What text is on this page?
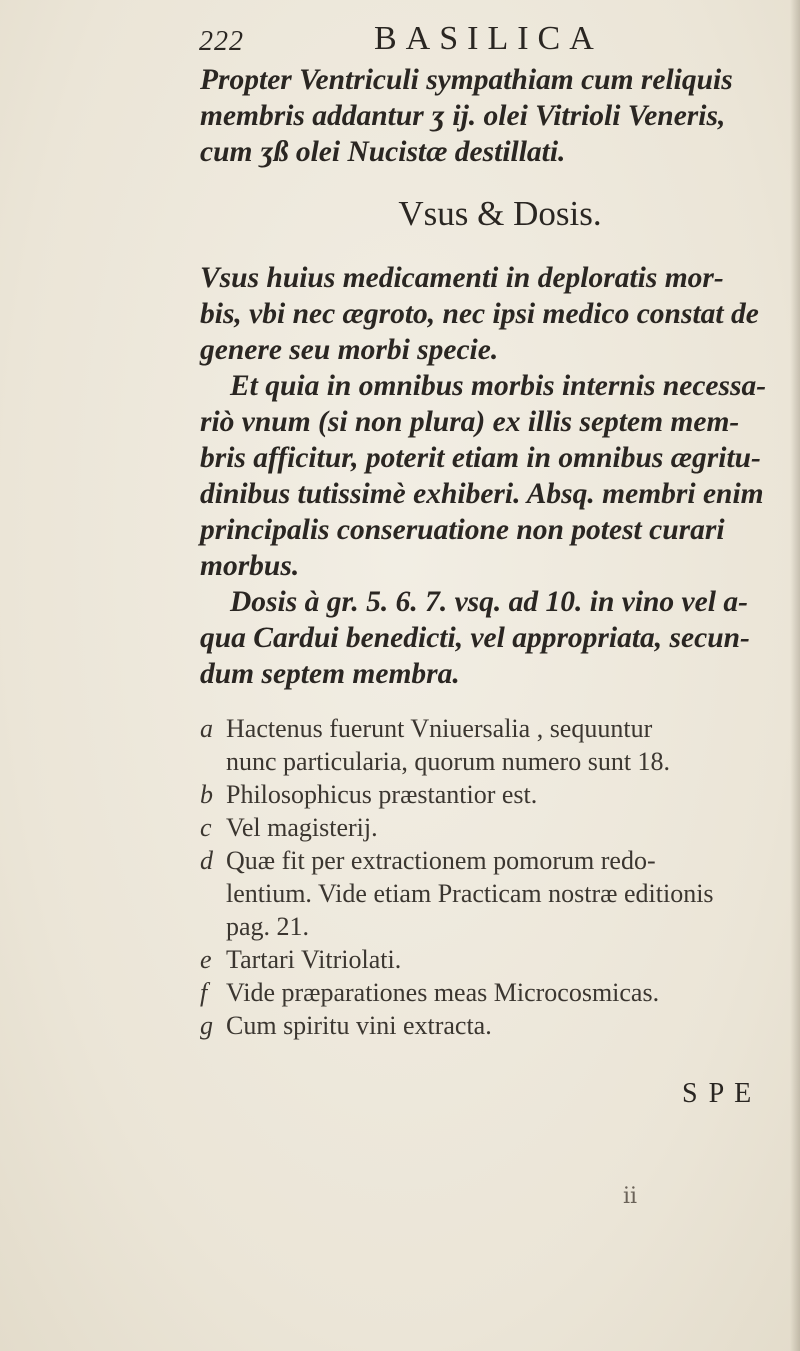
222	BASILICA

Propter Ventriculi sympathiam cum reliquis
membris addantur ʒ ij. olei Vitrioli Veneris,
cum ʒß olei Nucistæ destillati.

Vsus & Dosis.

Vsus huius medicamenti in deploratis mor-
bis, vbi nec ægroto, nec ipsi medico constat de
genere seu morbi specie.

Et quia in omnibus morbis internis necessa-
riò vnum (si non plura) ex illis septem mem-
bris afficitur, poterit etiam in omnibus ægritu-
dinibus tutissimè exhiberi. Absq. membri enim
principalis conseruatione non potest curari
morbus.

Dosis à gr. 5. 6. 7. vsq. ad 10. in vino vel a-
qua Cardui benedicti, vel appropriata, secun-
dum septem membra.

a Hactenus fuerunt Vniuersalia , sequuntur
nunc particularia, quorum numero sunt 18.
b Philosophicus præstantior est.
c Vel magisterij.
d Quæ fit per extractionem pomorum redo-
lentium. Vide etiam Practicam nostræ editionis
pag. 21.
e Tartari Vitriolati.
f Vide præparationes meas Microcosmicas.
g Cum spiritu vini extracta.
S P E
ii
